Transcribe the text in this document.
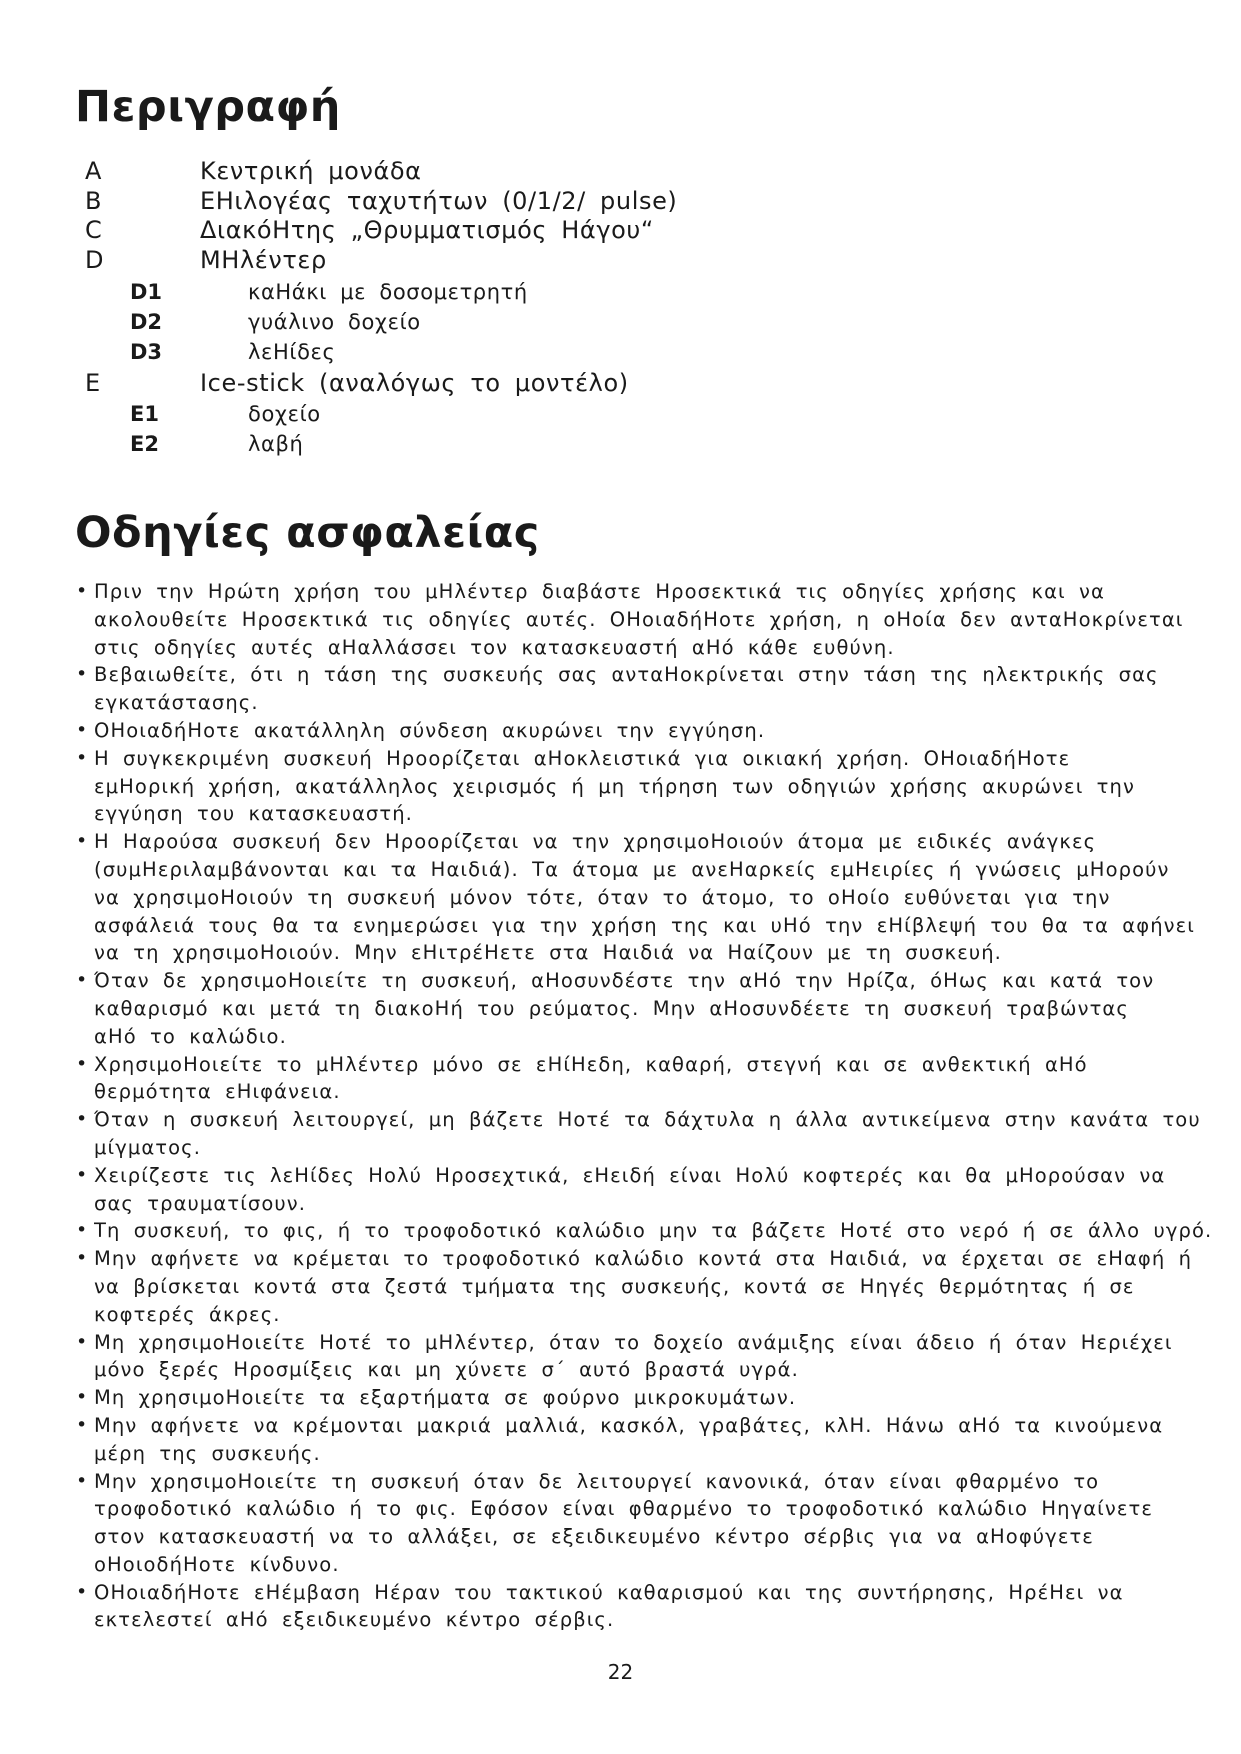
Περιγραφή
A	Κεντρική μονάδα
B	ΕΗιλογέας ταχυτήτων (0/1/2/ pulse)
C	ΔιακόΗτης „Θρυμματισμός Ηάγου“
D	ΜΗλέντερ
D1	καΗάκι με δοσομετρητή
D2	γυάλινο δοχείο
D3	λεΗίδες
E	Ice-stick (αναλόγως το μοντέλο)
E1	δοχείο
E2	λαβή
Οδηγίες ασφαλείας
• Πριν την Ηρώτη χρήση του μΗλέντερ διαβάστε Ηροσεκτικά τις οδηγίες χρήσης και να
ακολουθείτε Ηροσεκτικά τις οδηγίες αυτές. ΟΗοιαδήΗοτε χρήση, η οΗοία δεν ανταΗοκρίνεται
στις οδηγίες αυτές αΗαλλάσσει τον κατασκευαστή αΗό κάθε ευθύνη.
• Βεβαιωθείτε, ότι η τάση της συσκευής σας ανταΗοκρίνεται στην τάση της ηλεκτρικής σας
εγκατάστασης.
• ΟΗοιαδήΗοτε ακατάλληλη σύνδεση ακυρώνει την εγγύηση.
• Η συγκεκριμένη συσκευή Ηροορίζεται αΗοκλειστικά για οικιακή χρήση. ΟΗοιαδήΗοτε
εμΗορική χρήση, ακατάλληλος χειρισμός ή μη τήρηση των οδηγιών χρήσης ακυρώνει την
εγγύηση του κατασκευαστή.
• Η Ηαρούσα συσκευή δεν Ηροορίζεται να την χρησιμοΗοιούν άτομα με ειδικές ανάγκες
(συμΗεριλαμβάνονται και τα Ηαιδιά). Τα άτομα με ανεΗαρκείς εμΗειρίες ή γνώσεις μΗορούν
να χρησιμοΗοιούν τη συσκευή μόνον τότε, όταν το άτομο, το οΗοίο ευθύνεται για την
ασφάλειά τους θα τα ενημερώσει για την χρήση της και υΗό την εΗίβλεψή του θα τα αφήνει
να τη χρησιμοΗοιούν. Μην εΗιτρέΗετε στα Ηαιδιά να Ηαίζουν με τη συσκευή.
• Όταν δε χρησιμοΗοιείτε τη συσκευή, αΗοσυνδέστε την αΗό την Ηρίζα, όΗως και κατά τον
καθαρισμό και μετά τη διακοΗή του ρεύματος. Μην αΗοσυνδέετε τη συσκευή τραβώντας
αΗό το καλώδιο.
• ΧρησιμοΗοιείτε το μΗλέντερ μόνο σε εΗίΗεδη, καθαρή, στεγνή και σε ανθεκτική αΗό
θερμότητα εΗιφάνεια.
• Όταν η συσκευή λειτουργεί, μη βάζετε Ηοτέ τα δάχτυλα η άλλα αντικείμενα στην κανάτα του
μίγματος.
• Χειρίζεστε τις λεΗίδες Ηολύ Ηροσεχτικά, εΗειδή είναι Ηολύ κοφτερές και θα μΗορούσαν να
σας τραυματίσουν.
• Τη συσκευή, το φις, ή το τροφοδοτικό καλώδιο μην τα βάζετε Ηοτέ στο νερό ή σε άλλο υγρό.
• Μην αφήνετε να κρέμεται το τροφοδοτικό καλώδιο κοντά στα Ηαιδιά, να έρχεται σε εΗαφή ή
να βρίσκεται κοντά στα ζεστά τμήματα της συσκευής, κοντά σε Ηηγές θερμότητας ή σε
κοφτερές άκρες.
• Μη χρησιμοΗοιείτε Ηοτέ το μΗλέντερ, όταν το δοχείο ανάμιξης είναι άδειο ή όταν Ηεριέχει
μόνο ξερές Ηροσμίξεις και μη χύνετε σ΄ αυτό βραστά υγρά.
• Μη χρησιμοΗοιείτε τα εξαρτήματα σε φούρνο μικροκυμάτων.
• Μην αφήνετε να κρέμονται μακριά μαλλιά, κασκόλ, γραβάτες, κλΗ. Ηάνω αΗό τα κινούμενα
μέρη της συσκευής.
• Μην χρησιμοΗοιείτε τη συσκευή όταν δε λειτουργεί κανονικά, όταν είναι φθαρμένο το
τροφοδοτικό καλώδιο ή το φις. Εφόσον είναι φθαρμένο το τροφοδοτικό καλώδιο Ηηγαίνετε
στον κατασκευαστή να το αλλάξει, σε εξειδικευμένο κέντρο σέρβις για να αΗοφύγετε
οΗοιοδήΗοτε κίνδυνο.
• ΟΗοιαδήΗοτε εΗέμβαση Ηέραν του τακτικού καθαρισμού και της συντήρησης, ΗρέΗει να
εκτελεστεί αΗό εξειδικευμένο κέντρο σέρβις.
22
